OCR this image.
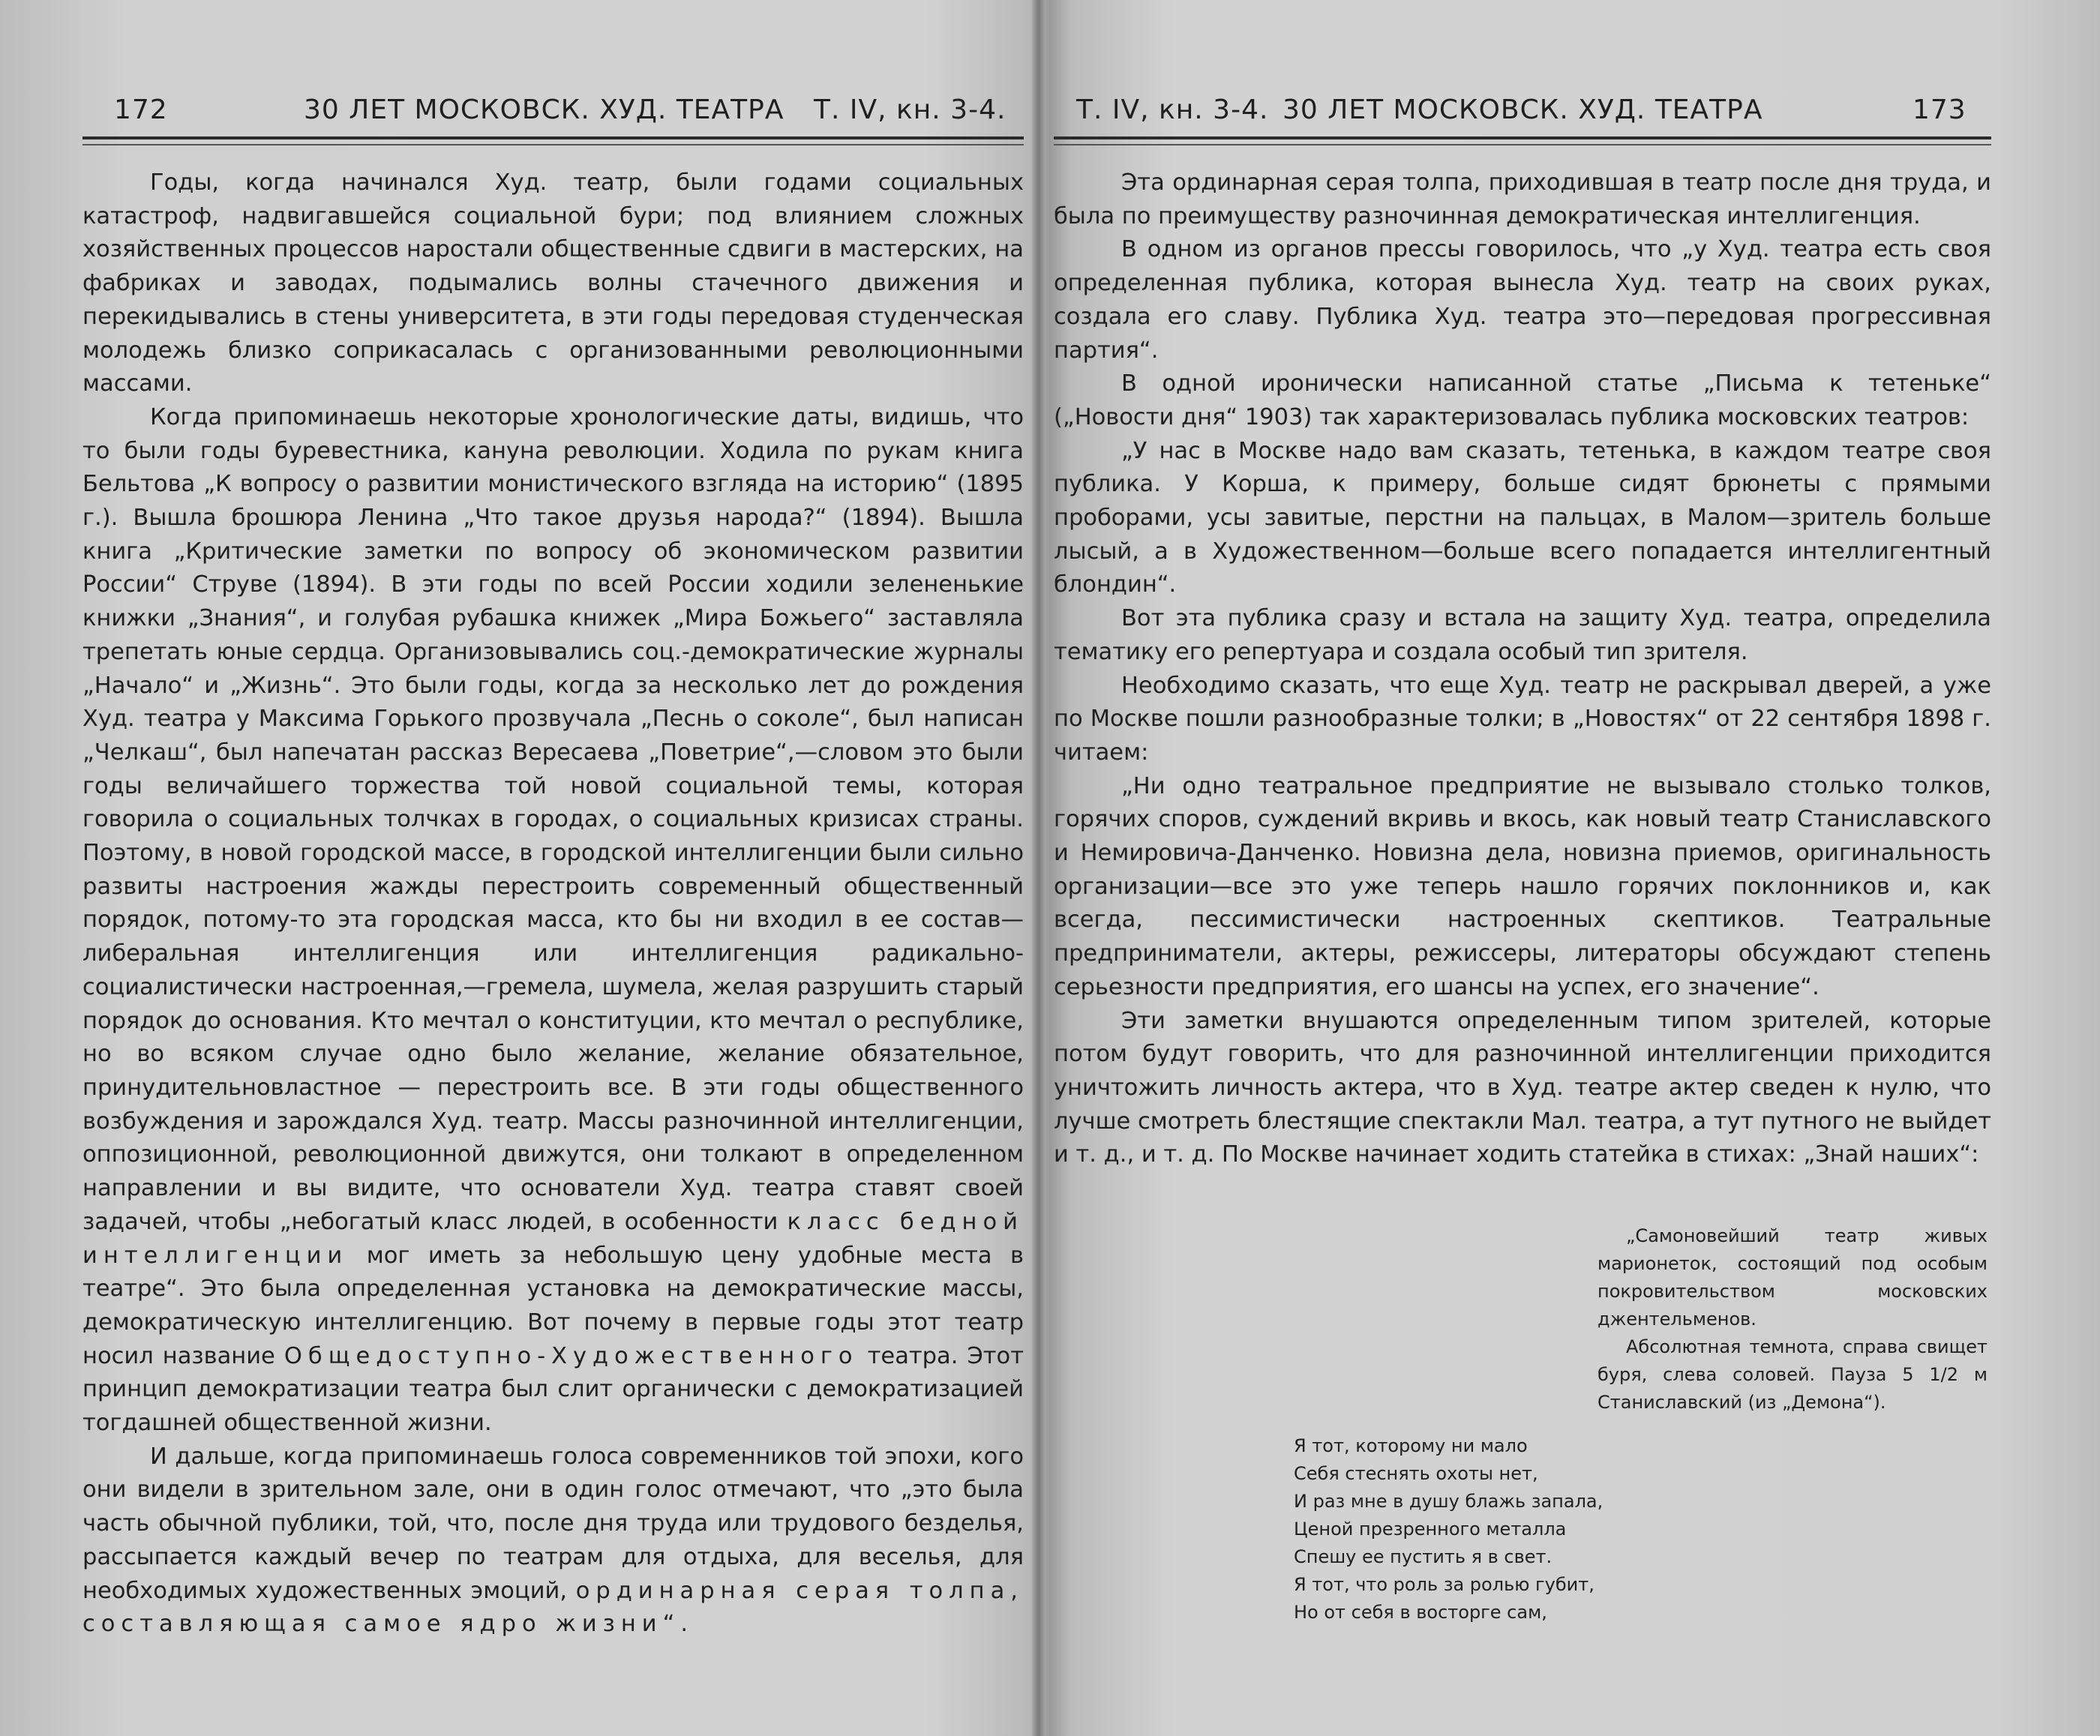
172	30 ЛЕТ МОСКОВСК. ХУД. ТЕАТРА Т. IV, кн. 3-4.

Годы, когда начинался Худ. театр, были годами социальных катастроф, надвигавшейся социальной бури; под влиянием сложных хозяйственных процессов наростали общественные сдвиги в мастерских, на фабриках и заводах, подымались волны стачечного движения и перекидывались в стены университета, в эти годы передовая студенческая молодежь близко соприкасалась с организованными революционными массами.

Когда припоминаешь некоторые хронологические даты, видишь, что то были годы буревестника, кануна революции. Ходила по рукам книга Бельтова „К вопросу о развитии монистического взгляда на историю“ (1895 г.). Вышла брошюра Ленина „Что такое друзья народа?“ (1894). Вышла книга „Критические заметки по вопросу об экономическом развитии России“ Струве (1894). В эти годы по всей России ходили зелененькие книжки „Знания“, и голубая рубашка книжек „Мира Божьего“ заставляла трепетать юные сердца. Организовывались соц.-демократические журналы „Начало“ и „Жизнь“. Это были годы, когда за несколько лет до рождения Худ. театра у Максима Горького прозвучала „Песнь о соколе“, был написан „Челкаш“, был напечатан рассказ Вересаева „Поветрие“,—словом это были годы величайшего торжества той новой социальной темы, которая говорила о социальных толчках в городах, о социальных кризисах страны. Поэтому, в новой городской массе, в городской интеллигенции были сильно развиты настроения жажды перестроить современный общественный порядок, потому-то эта городская масса, кто бы ни входил в ее состав—либеральная интеллигенция или интеллигенция радикально-социалистически настроенная,—гремела, шумела, желая разрушить старый порядок до основания. Кто мечтал о конституции, кто мечтал о республике, но во всяком случае одно было желание, желание обязательное, принудительновластное — перестроить все. В эти годы общественного возбуждения и зарождался Худ. театр. Массы разночинной интеллигенции, оппозиционной, революционной движутся, они толкают в определенном направлении и вы видите, что основатели Худ. театра ставят своей задачей, чтобы „небогатый класс людей, в особенности класс бедной интеллигенции мог иметь за небольшую цену удобные места в театре“. Это была определенная установка на демократические массы, демократическую интеллигенцию. Вот почему в первые годы этот театр носил название Общедоступно-Художественного театра. Этот принцип демократизации театра был слит органически с демократизацией тогдашней общественной жизни.

И дальше, когда припоминаешь голоса современников той эпохи, кого они видели в зрительном зале, они в один голос отмечают, что „это была часть обычной публики, той, что, после дня труда или трудового безделья, рассыпается каждый вечер по театрам для отдыха, для веселья, для необходимых художественных эмоций, ординарная серая толпа, составляющая самое ядро жизни“.

Т. IV, кн. 3-4. 30 ЛЕТ МОСКОВСК. ХУД. ТЕАТРА	173

Эта ординарная серая толпа, приходившая в театр после дня труда, и была по преимуществу разночинная демократическая интеллигенция.

В одном из органов прессы говорилось, что „у Худ. театра есть своя определенная публика, которая вынесла Худ. театр на своих руках, создала его славу. Публика Худ. театра это—передовая прогрессивная партия“.

В одной иронически написанной статье „Письма к тетеньке“ („Новости дня“ 1903) так характеризовалась публика московских театров:

„У нас в Москве надо вам сказать, тетенька, в каждом театре своя публика. У Корша, к примеру, больше сидят брюнеты с прямыми проборами, усы завитые, перстни на пальцах, в Малом—зритель больше лысый, а в Художественном—больше всего попадается интеллигентный блондин“.

Вот эта публика сразу и встала на защиту Худ. театра, определила тематику его репертуара и создала особый тип зрителя.

Необходимо сказать, что еще Худ. театр не раскрывал дверей, а уже по Москве пошли разнообразные толки; в „Новостях“ от 22 сентября 1898 г. читаем:

„Ни одно театральное предприятие не вызывало столько толков, горячих споров, суждений вкривь и вкось, как новый театр Станиславского и Немировича-Данченко. Новизна дела, новизна приемов, оригинальность организации—все это уже теперь нашло горячих поклонников и, как всегда, пессимистически настроенных скептиков. Театральные предприниматели, актеры, режиссеры, литераторы обсуждают степень серьезности предприятия, его шансы на успех, его значение“.

Эти заметки внушаются определенным типом зрителей, которые потом будут говорить, что для разночинной интеллигенции приходится уничтожить личность актера, что в Худ. театре актер сведен к нулю, что лучше смотреть блестящие спектакли Мал. театра, а тут путного не выйдет и т. д., и т. д. По Москве начинает ходить статейка в стихах: „Знай наших“:

„Самоновейший театр живых марионеток, состоящий под особым покровительством московских джентельменов.

Абсолютная темнота, справа свищет буря, слева соловей. Пауза 5 1/2 м Станиславский (из „Демона“).

Я тот, которому ни мало
Себя стеснять охоты нет,
И раз мне в душу блажь запала,
Ценой презренного металла
Спешу ее пустить я в свет.
Я тот, что роль за ролью губит,
Но от себя в восторге сам,
